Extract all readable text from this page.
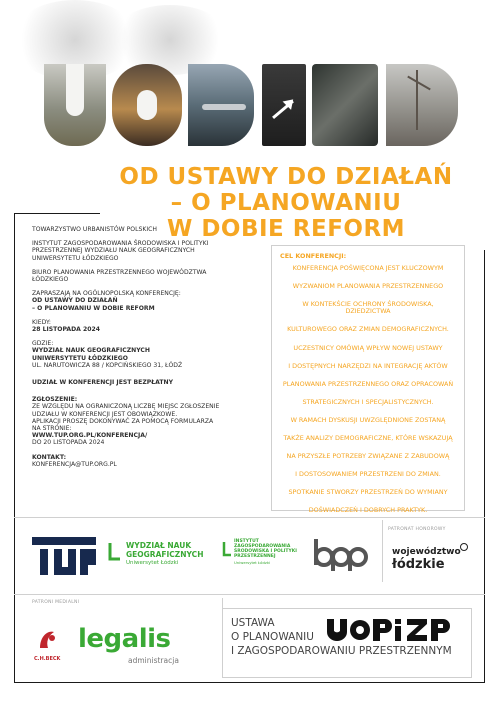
OD USTAWY DO DZIAŁAŃ
– O PLANOWANIU
W DOBIE REFORM

TOWARZYSTWO URBANISTÓW POLSKICH

INSTYTUT ZAGOSPODAROWANIA ŚRODOWISKA I POLITYKI PRZESTRZENNEJ WYDZIAŁU NAUK GEOGRAFICZNYCH UNIWERSYTETU ŁÓDZKIEGO

BIURO PLANOWANIA PRZESTRZENNEGO WOJEWÓDZTWA ŁÓDZKIEGO

ZAPRASZAJĄ NA OGÓLNOPOLSKĄ KONFERENCJĘ:
OD USTAWY DO DZIAŁAŃ
– O PLANOWANIU W DOBIE REFORM

KIEDY:
28 LISTOPADA 2024

GDZIE:
WYDZIAŁ NAUK GEOGRAFICZNYCH
UNIWERSYTETU ŁÓDZKIEGO
UL. NARUTOWICZA 88 / KOPCIŃSKIEGO 31, ŁÓDŹ

UDZIAŁ W KONFERENCJI JEST BEZPŁATNY

ZGŁOSZENIE:
ZE WZGLĘDU NA OGRANICZONĄ LICZBĘ MIEJSC ZGŁOSZENIE UDZIAŁU W KONFERENCJI JEST OBOWIĄZKOWE.
APLIKACJI PROSZĘ DOKONYWAĆ ZA POMOCĄ FORMULARZA NA STRONIE:
WWW.TUP.ORG.PL/KONFERENCJA/
DO 20 LISTOPADA 2024

KONTAKT:
KONFERENCJA@TUP.ORG.PL

CEL KONFERENCJI:
KONFERENCJA POŚWIĘCONA JEST KLUCZOWYM
WYZWANIOM PLANOWANIA PRZESTRZENNEGO
W KONTEKŚCIE OCHRONY ŚRODOWISKA, DZIEDZICTWA
KULTUROWEGO ORAZ ZMIAN DEMOGRAFICZNYCH.
UCZESTNICY OMÓWIĄ WPŁYW NOWEJ USTAWY
I DOSTĘPNYCH NARZĘDZI NA INTEGRACJĘ AKTÓW
PLANOWANIA PRZESTRZENNEGO ORAZ OPRACOWAŃ
STRATEGICZNYCH I SPECJALISTYCZNYCH.
W RAMACH DYSKUSJI UWZGLĘDNIONE ZOSTANĄ
TAKŻE ANALIZY DEMOGRAFICZNE, KTÓRE WSKAZUJĄ
NA PRZYSZŁE POTRZEBY ZWIĄZANE Z ZABUDOWĄ
I DOSTOSOWANIEM PRZESTRZENI DO ZMIAN.
SPOTKANIE STWORZY PRZESTRZEŃ DO WYMIANY
DOŚWIADCZEŃ I DOBRYCH PRAKTYK.
WYDZIAŁ NAUK
GEOGRAFICZNYCH
Uniwersytet Łódzki
INSTYTUT
ZAGOSPODAROWANIA
ŚRODOWISKA I POLITYKI
PRZESTRZENNEJ
Uniwersytet Łódzki
PATRONAT HONOROWY
województwo
łódzkie
PATRONI MEDIALNI
C.H.BECK
legalis
administracja
USTAWA
O PLANOWANIU
I ZAGOSPODAROWANIU PRZESTRZENNYM
